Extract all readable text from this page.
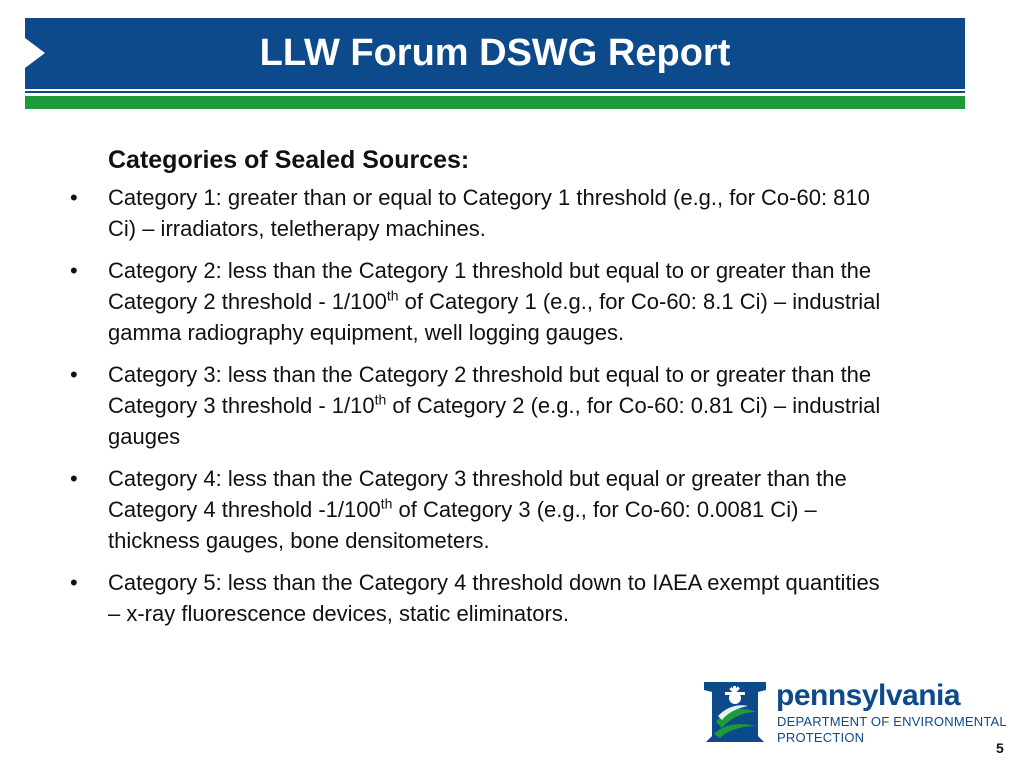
LLW Forum DSWG Report
Categories of Sealed Sources:
• Category 1: greater than or equal to Category 1 threshold (e.g., for Co-60: 810 Ci) – irradiators, teletherapy machines.
• Category 2: less than the Category 1 threshold but equal to or greater than the Category 2 threshold - 1/100th of Category 1 (e.g., for Co-60: 8.1 Ci) – industrial gamma radiography equipment, well logging gauges.
• Category 3: less than the Category 2 threshold but equal to or greater than the Category 3 threshold - 1/10th of Category 2 (e.g., for Co-60: 0.81 Ci) – industrial gauges
• Category 4: less than the Category 3 threshold but equal or greater than the Category 4 threshold -1/100th of Category 3 (e.g., for Co-60: 0.0081 Ci) – thickness gauges, bone densitometers.
• Category 5: less than the Category 4 threshold down to IAEA exempt quantities – x-ray fluorescence devices, static eliminators.
pennsylvania
DEPARTMENT OF ENVIRONMENTAL
PROTECTION
5
